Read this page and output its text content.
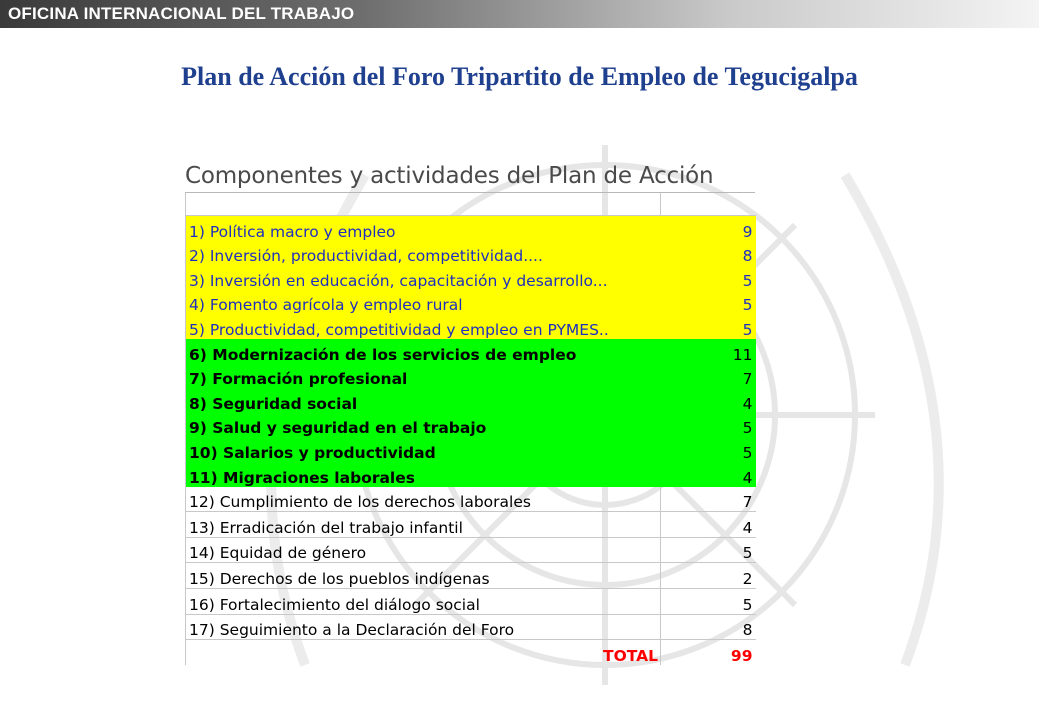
OFICINA INTERNACIONAL DEL TRABAJO
Plan de Acción del Foro Tripartito de Empleo de Tegucigalpa
Componentes y actividades del Plan de Acción

1) Política macro y empleo	9
2) Inversión, productividad, competitividad....	8
3) Inversión en educación, capacitación y desarrollo...	5
4) Fomento agrícola y empleo rural	5
5) Productividad, competitividad y empleo en PYMES..	5
6) Modernización de los servicios de empleo	11
7) Formación profesional	7
8) Seguridad social	4
9) Salud y seguridad en el trabajo	5
10) Salarios y productividad	5
11) Migraciones laborales	4
12) Cumplimiento de los derechos laborales	7
13) Erradicación del trabajo infantil	4
14) Equidad de género	5
15) Derechos de los pueblos indígenas	2
16) Fortalecimiento del diálogo social	5
17) Seguimiento a la Declaración del Foro	8
TOTAL	99
